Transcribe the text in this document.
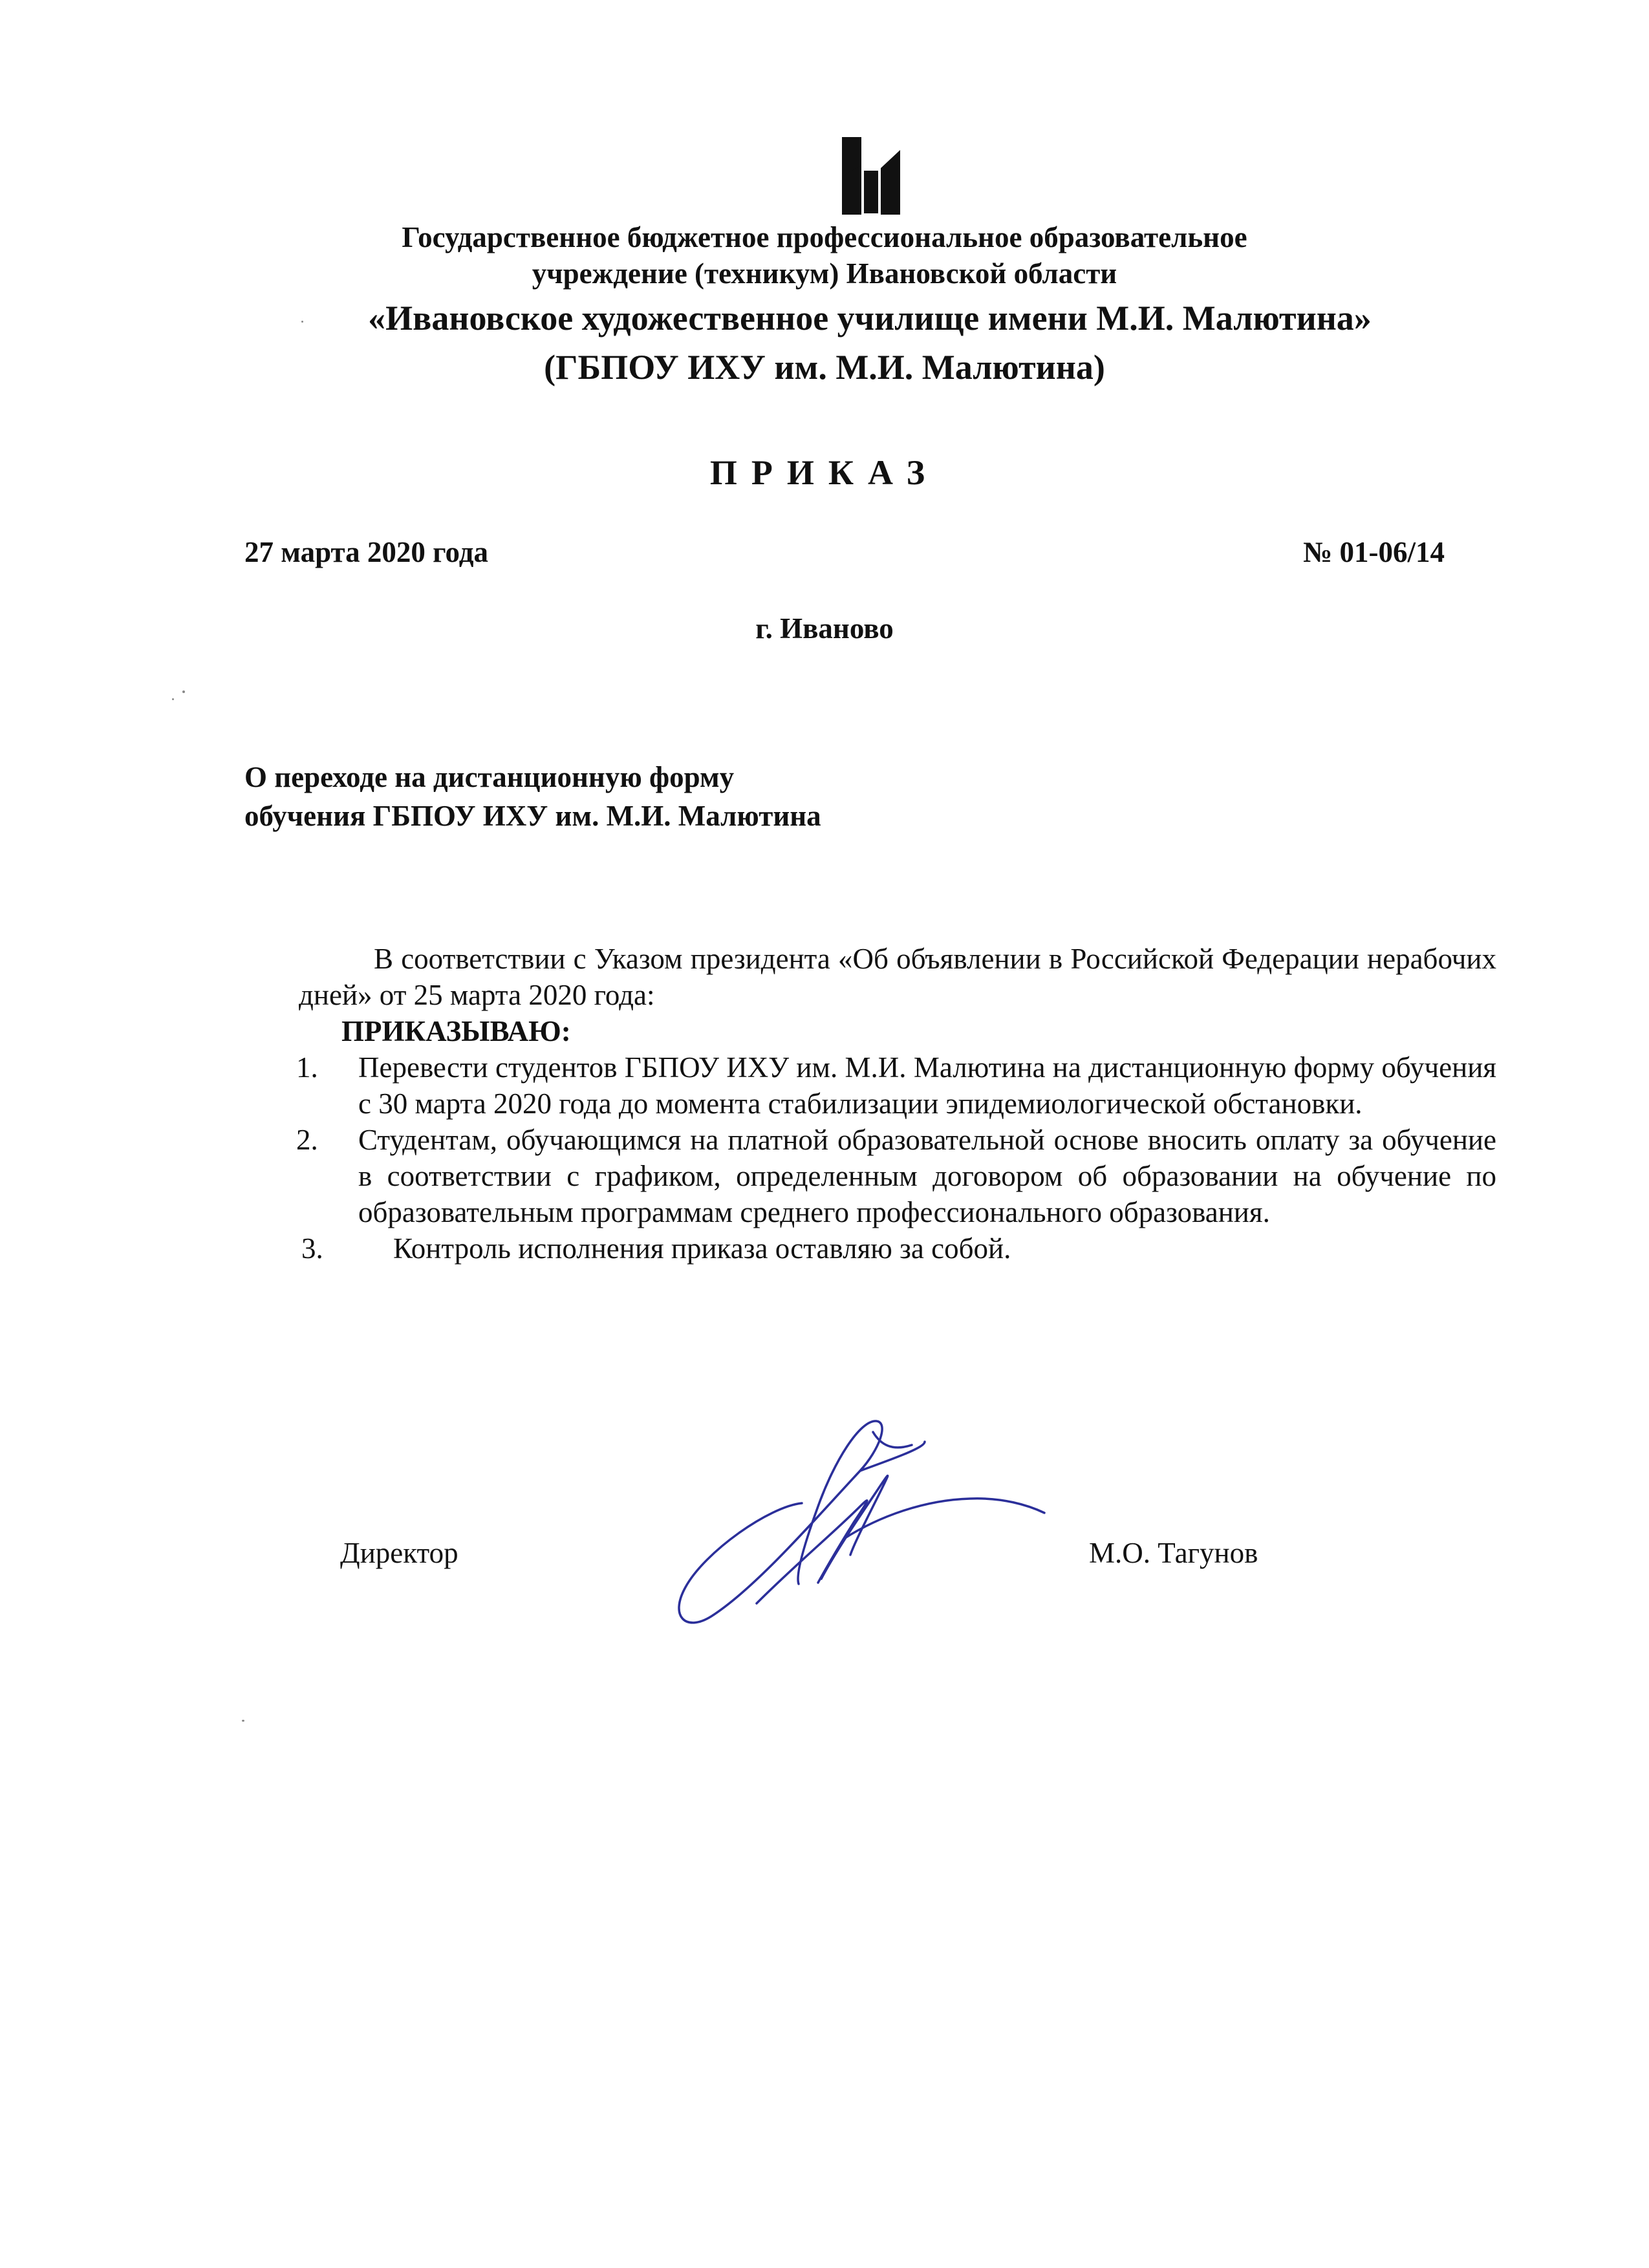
Государственное бюджетное профессиональное образовательное
учреждение (техникум) Ивановской области
«Ивановское художественное училище имени М.И. Малютина»
(ГБПОУ ИХУ им. М.И. Малютина)
ПРИКАЗ
27 марта 2020 года	№ 01-06/14
г. Иваново
О переходе на дистанционную форму
обучения ГБПОУ ИХУ им. М.И. Малютина

В соответствии с Указом президента «Об объявлении в Российской Федерации нерабочих дней» от 25 марта 2020 года:

ПРИКАЗЫВАЮ:

1.	Перевести студентов ГБПОУ ИХУ им. М.И. Малютина на дистанционную форму обучения с 30 марта 2020 года до момента стабилизации эпидемиологической обстановки.
2.	Студентам, обучающимся на платной образовательной основе вносить оплату за обучение в соответствии с графиком, определенным договором об образовании на обучение по образовательным программам среднего профессионального образования.
3.	Контроль исполнения приказа оставляю за собой.
Директор	М.О. Тагунов
